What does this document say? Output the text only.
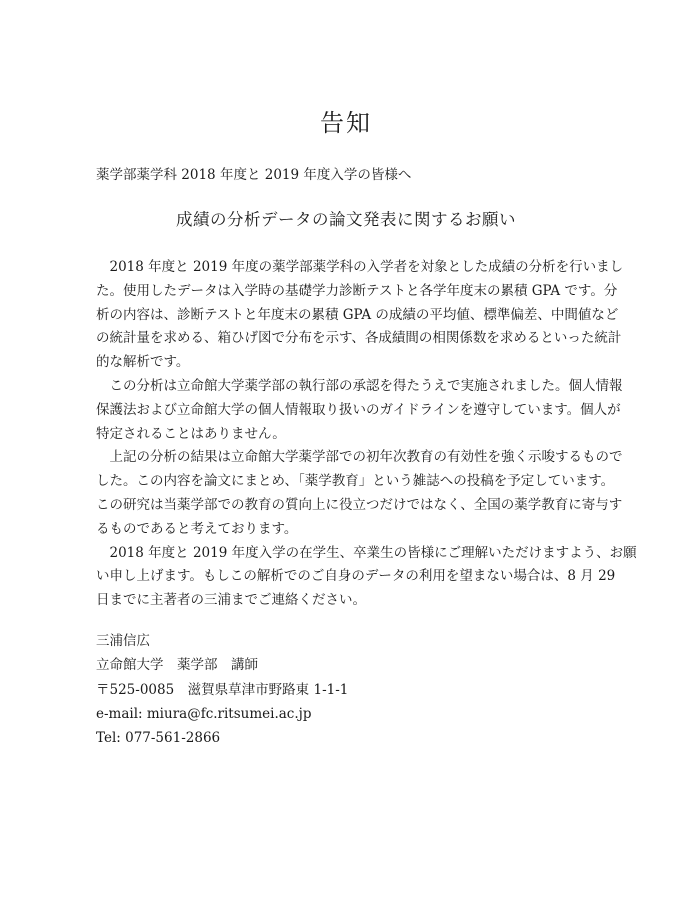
告知
薬学部薬学科 2018 年度と 2019 年度入学の皆様へ
成績の分析データの論文発表に関するお願い
　2018 年度と 2019 年度の薬学部薬学科の入学者を対象とした成績の分析を行いまし
た。使用したデータは入学時の基礎学力診断テストと各学年度末の累積 GPA です。分
析の内容は、診断テストと年度末の累積 GPA の成績の平均値、標準偏差、中間値など
の統計量を求める、箱ひげ図で分布を示す、各成績間の相関係数を求めるといった統計
的な解析です。
　この分析は立命館大学薬学部の執行部の承認を得たうえで実施されました。個人情報
保護法および立命館大学の個人情報取り扱いのガイドラインを遵守しています。個人が
特定されることはありません。
　上記の分析の結果は立命館大学薬学部での初年次教育の有効性を強く示唆するもので
した。この内容を論文にまとめ、「薬学教育」という雑誌への投稿を予定しています。
この研究は当薬学部での教育の質向上に役立つだけではなく、全国の薬学教育に寄与す
るものであると考えております。
　2018 年度と 2019 年度入学の在学生、卒業生の皆様にご理解いただけますよう、お願
い申し上げます。もしこの解析でのご自身のデータの利用を望まない場合は、8 月 29
日までに主著者の三浦までご連絡ください。
三浦信広
立命館大学　薬学部　講師
〒525-0085　滋賀県草津市野路東 1-1-1
e-mail: miura@fc.ritsumei.ac.jp
Tel: 077-561-2866
